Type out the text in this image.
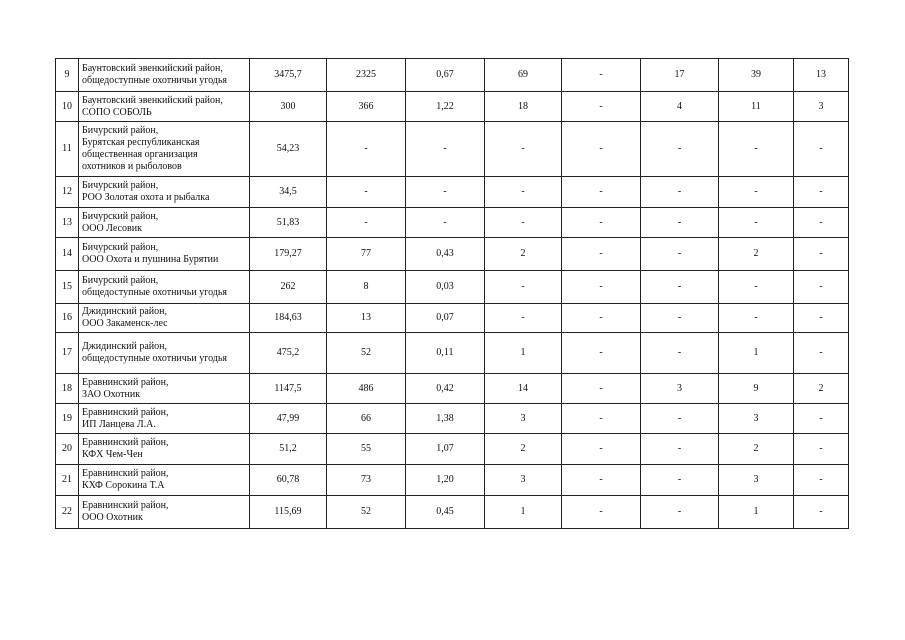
9	Баунтовский эвенкийский район,
общедоступные охотничьи угодья	3475,7	2325	0,67	69	-	17	39	13
10	Баунтовский эвенкийский район,
СОПО СОБОЛЬ	300	366	1,22	18	-	4	11	3
11	Бичурский район,
Бурятская республиканская
общественная организация
охотников и рыболовов	54,23	-	-	-	-	-	-	-
12	Бичурский район,
РОО Золотая охота и рыбалка	34,5	-	-	-	-	-	-	-
13	Бичурский район,
ООО Лесовик	51,83	-	-	-	-	-	-	-
14	Бичурский район,
ООО Охота и пушнина Бурятии	179,27	77	0,43	2	-	-	2	-
15	Бичурский район,
общедоступные охотничьи угодья	262	8	0,03	-	-	-	-	-
16	Джидинский район,
ООО Закаменск-лес	184,63	13	0,07	-	-	-	-	-
17	Джидинский район,
общедоступные охотничьи угодья	475,2	52	0,11	1	-	-	1	-
18	Еравнинский район,
ЗАО Охотник	1147,5	486	0,42	14	-	3	9	2
19	Еравнинский район,
ИП Ланцева Л.А.	47,99	66	1,38	3	-	-	3	-
20	Еравнинский район,
КФХ Чем-Чен	51,2	55	1,07	2	-	-	2	-
21	Еравнинский район,
КХФ Сорокина Т.А	60,78	73	1,20	3	-	-	3	-
22	Еравнинский район,
ООО Охотник	115,69	52	0,45	1	-	-	1	-
